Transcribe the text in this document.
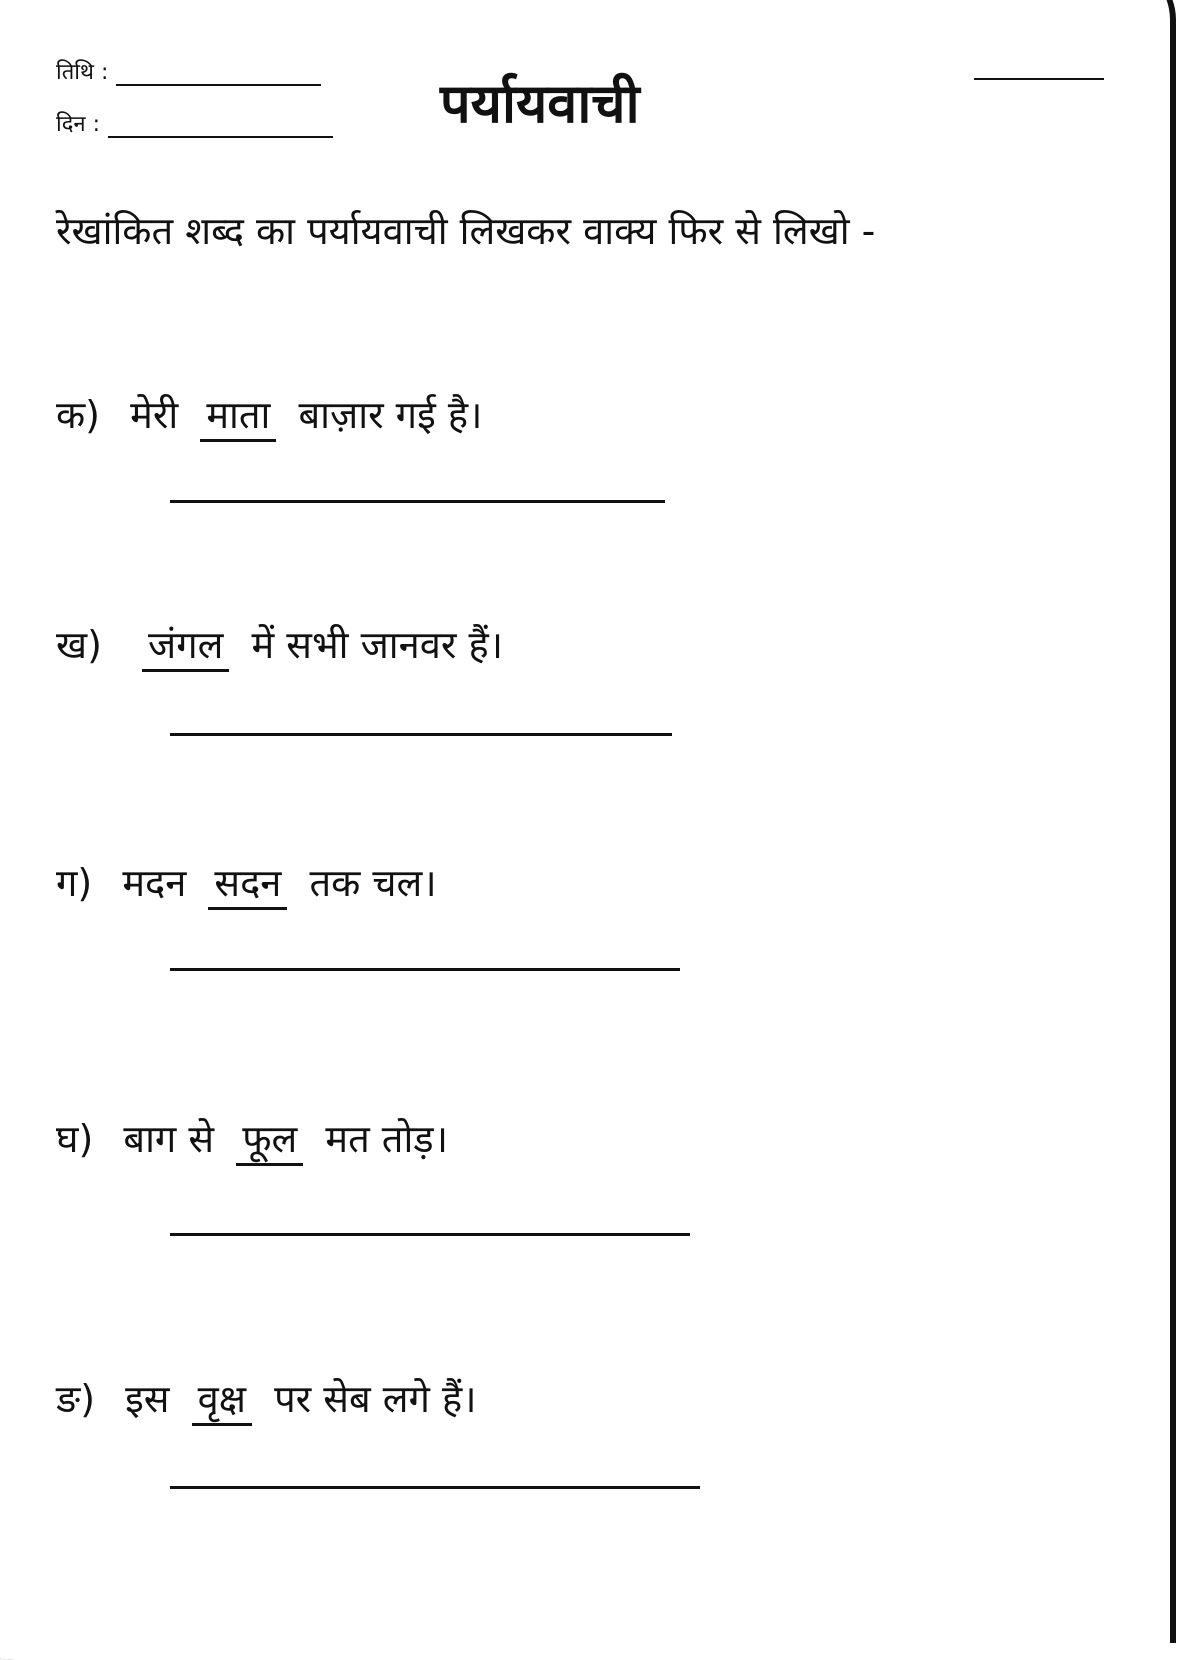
तिथि :
दिन :	पर्यायवाची
रेखांकित शब्द का पर्यायवाची लिखकर वाक्य फिर से लिखो -
क) मेरी माता बाज़ार गई है।
ख) जंगल में सभी जानवर हैं।
ग) मदन सदन तक चल।
घ) बाग से फूल मत तोड़।
ङ) इस वृक्ष पर सेब लगे हैं।
